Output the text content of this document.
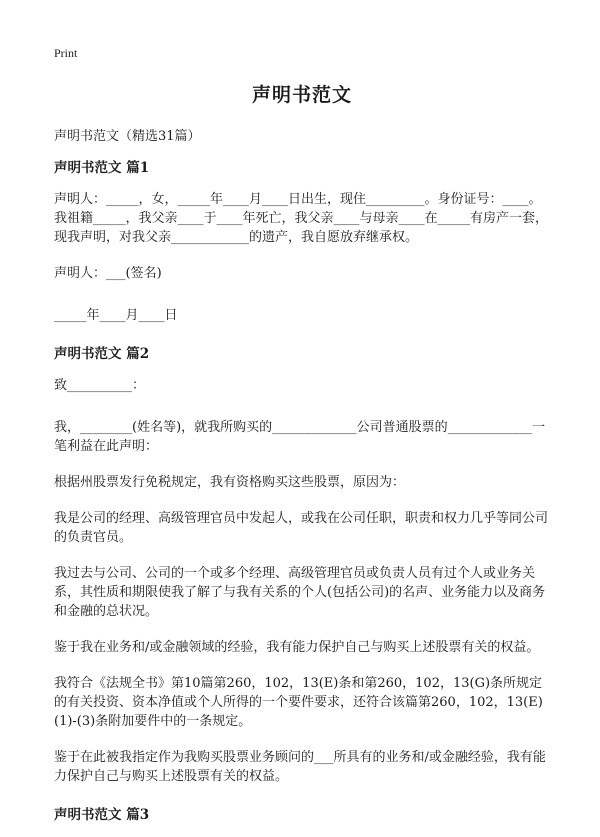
Print
声明书范文
声明书范文（精选31篇）
声明书范文 篇1

声明人：_____，女，_____年____月____日出生，现住_________。身份证号：____。我祖籍_____，我父亲____于____年死亡，我父亲____与母亲____在_____有房产一套，现我声明，对我父亲____________的遗产，我自愿放弃继承权。

声明人：___(签名)

_____年____月____日

声明书范文 篇2

致__________：

我，________(姓名等)，就我所购买的_____________公司普通股票的_____________一笔利益在此声明：

根据州股票发行免税规定，我有资格购买这些股票，原因为：

我是公司的经理、高级管理官员中发起人，或我在公司任职，职责和权力几乎等同公司的负责官员。

我过去与公司、公司的一个或多个经理、高级管理官员或负责人员有过个人或业务关系，其性质和期限使我了解了与我有关系的个人(包括公司)的名声、业务能力以及商务和金融的总状况。

鉴于我在业务和/或金融领域的经验，我有能力保护自己与购买上述股票有关的权益。

我符合《法规全书》第10篇第260，102，13(E)条和第260，102，13(G)条所规定的有关投资、资本净值或个人所得的一个要件要求，还符合该篇第260，102，13(E)(1)-(3)条附加要件中的一条规定。

鉴于在此被我指定作为我购买股票业务顾问的___所具有的业务和/或金融经验，我有能力保护自己与购买上述股票有关的权益。

声明书范文 篇3
